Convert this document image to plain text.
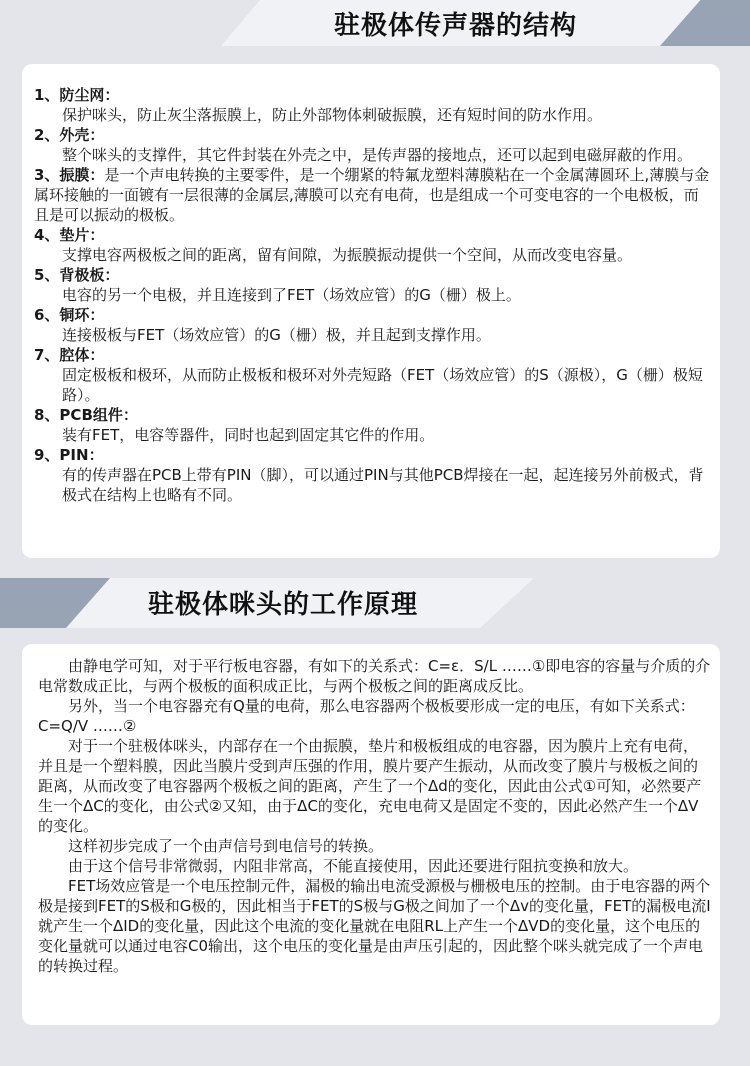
驻极体传声器的结构
1、防尘网：
保护咪头，防止灰尘落振膜上，防止外部物体刺破振膜，还有短时间的防水作用。
2、外壳：
整个咪头的支撑件，其它件封装在外壳之中，是传声器的接地点，还可以起到电磁屏蔽的作用。
3、振膜：是一个声电转换的主要零件，是一个绷紧的特氟龙塑料薄膜粘在一个金属薄圆环上,薄膜与金属环接触的一面镀有一层很薄的金属层,薄膜可以充有电荷，也是组成一个可变电容的一个电极板，而且是可以振动的极板。
4、垫片：
支撑电容两极板之间的距离，留有间隙，为振膜振动提供一个空间，从而改变电容量。
5、背极板：
电容的另一个电极，并且连接到了FET（场效应管）的G（栅）极上。
6、铜环：
连接极板与FET（场效应管）的G（栅）极，并且起到支撑作用。
7、腔体：
固定极板和极环，从而防止极板和极环对外壳短路（FET（场效应管）的S（源极），G（栅）极短路）。
8、PCB组件：
装有FET，电容等器件，同时也起到固定其它件的作用。
9、PIN：
有的传声器在PCB上带有PIN（脚），可以通过PIN与其他PCB焊接在一起，起连接另外前极式，背极式在结构上也略有不同。
驻极体咪头的工作原理
由静电学可知，对于平行板电容器，有如下的关系式：C=ε．S/L ……①即电容的容量与介质的介电常数成正比，与两个极板的面积成正比，与两个极板之间的距离成反比。
另外，当一个电容器充有Q量的电荷，那么电容器两个极板要形成一定的电压，有如下关系式：C=Q/V ……②
对于一个驻极体咪头，内部存在一个由振膜，垫片和极板组成的电容器，因为膜片上充有电荷，并且是一个塑料膜，因此当膜片受到声压强的作用，膜片要产生振动，从而改变了膜片与极板之间的距离，从而改变了电容器两个极板之间的距离，产生了一个Δd的变化，因此由公式①可知，必然要产生一个ΔC的变化，由公式②又知，由于ΔC的变化，充电电荷又是固定不变的，因此必然产生一个ΔV的变化。
这样初步完成了一个由声信号到电信号的转换。
由于这个信号非常微弱，内阻非常高，不能直接使用，因此还要进行阻抗变换和放大。
FET场效应管是一个电压控制元件，漏极的输出电流受源极与栅极电压的控制。由于电容器的两个极是接到FET的S极和G极的，因此相当于FET的S极与G极之间加了一个Δv的变化量，FET的漏极电流I就产生一个ΔID的变化量，因此这个电流的变化量就在电阻RL上产生一个ΔVD的变化量，这个电压的变化量就可以通过电容C0输出，这个电压的变化量是由声压引起的，因此整个咪头就完成了一个声电的转换过程。
